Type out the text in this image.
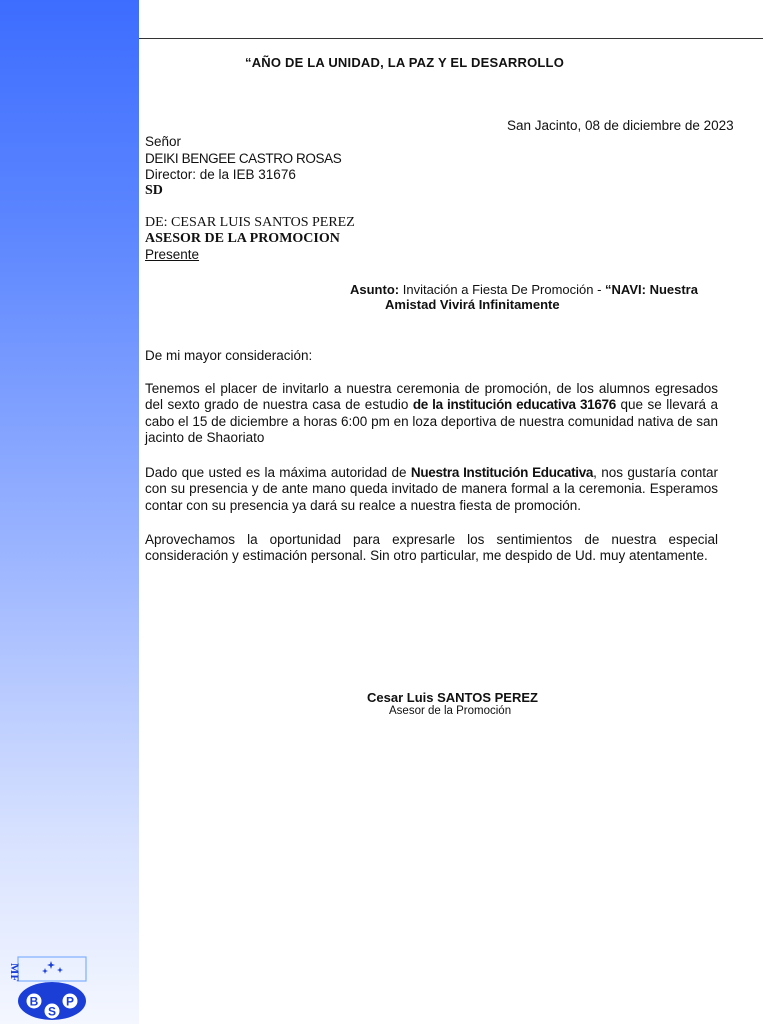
“AÑO DE LA UNIDAD, LA PAZ Y EL DESARROLLO
San Jacinto, 08 de diciembre de 2023
Señor
DEIKI BENGEE CASTRO ROSAS
Director: de la IEB 31676
SD
DE: CESAR LUIS SANTOS PEREZ
ASESOR DE LA PROMOCION
Presente
Asunto: Invitación a Fiesta De Promoción - “NAVI: Nuestra
Amistad Vivirá Infinitamente
De mi mayor consideración:
Tenemos el placer de invitarlo a nuestra ceremonia de promoción, de los alumnos egresados del sexto grado de nuestra casa de estudio de la institución educativa 31676 que se llevará a cabo el 15 de diciembre a horas 6:00 pm en loza deportiva de nuestra comunidad nativa de san jacinto de Shaoriato
Dado que usted es la máxima autoridad de Nuestra Institución Educativa, nos gustaría contar con su presencia y de ante mano queda invitado de manera formal a la ceremonia. Esperamos contar con su presencia ya dará su realce a nuestra fiesta de promoción.
Aprovechamos la oportunidad para expresarle los sentimientos de nuestra especial consideración y estimación personal. Sin otro particular, me despido de Ud. muy atentamente.
Cesar Luis SANTOS PEREZ
Asesor de la Promoción
MF
B
S
P
